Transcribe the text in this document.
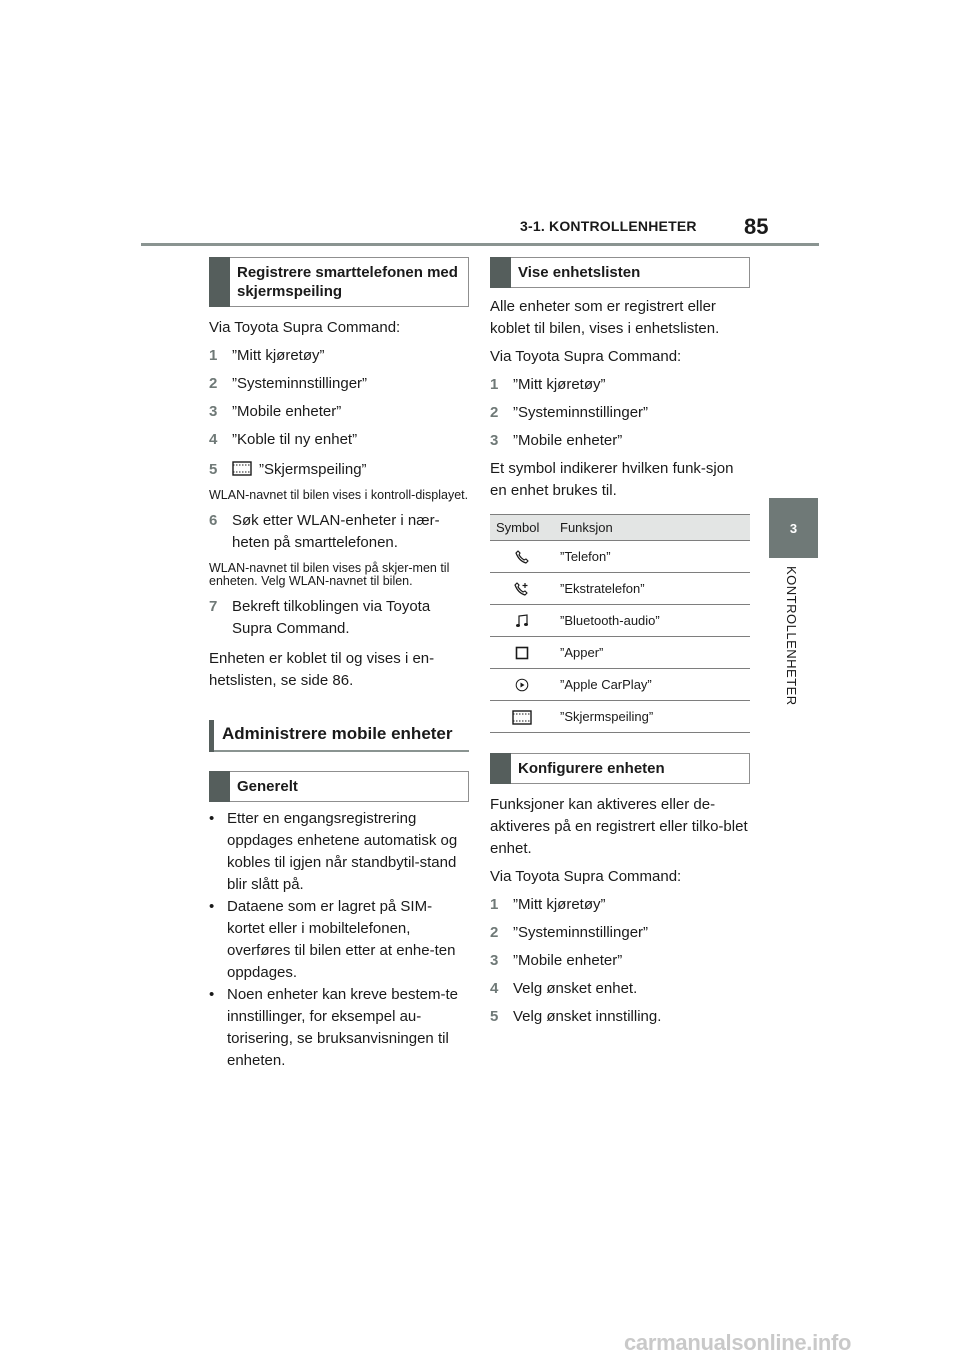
3-1. KONTROLLENHETER 85
3
KONTROLLENHETER
Registrere smarttelefonen med skjermspeiling

Via Toyota Supra Command:

1 ”Mitt kjøretøy”
2 ”Systeminnstillinger”
3 ”Mobile enheter”
4 ”Koble til ny enhet”
5	”Skjermspeiling”
WLAN-navnet til bilen vises i kontroll-displayet.
6 Søk etter WLAN-enheter i nær-heten på smarttelefonen.
WLAN-navnet til bilen vises på skjer-men til enheten. Velg WLAN-navnet til bilen.
7 Bekreft tilkoblingen via Toyota Supra Command.

Enheten er koblet til og vises i en-hetslisten, se side 86.

Administrere mobile enheter
Generelt
• Etter en engangsregistrering oppdages enhetene automatisk og kobles til igjen når standbytil-stand blir slått på.
• Dataene som er lagret på SIM-kortet eller i mobiltelefonen, overføres til bilen etter at enhe-ten oppdages.
• Noen enheter kan kreve bestem-te innstillinger, for eksempel au-torisering, se bruksanvisningen til enheten.
Vise enhetslisten

Alle enheter som er registrert eller koblet til bilen, vises i enhetslisten.

Via Toyota Supra Command:

1 ”Mitt kjøretøy”
2 ”Systeminnstillinger”
3 ”Mobile enheter”

Et symbol indikerer hvilken funk-sjon en enhet brukes til.

Symbol	Funksjon
	”Telefon”
	”Ekstratelefon”
	”Bluetooth-audio”
	”Apper”
	”Apple CarPlay”
	”Skjermspeiling”
Konfigurere enheten

Funksjoner kan aktiveres eller de-aktiveres på en registrert eller tilko-blet enhet.

Via Toyota Supra Command:

1 ”Mitt kjøretøy”
2 ”Systeminnstillinger”
3 ”Mobile enheter”
4 Velg ønsket enhet.
5 Velg ønsket innstilling.
carmanualsonline.info
